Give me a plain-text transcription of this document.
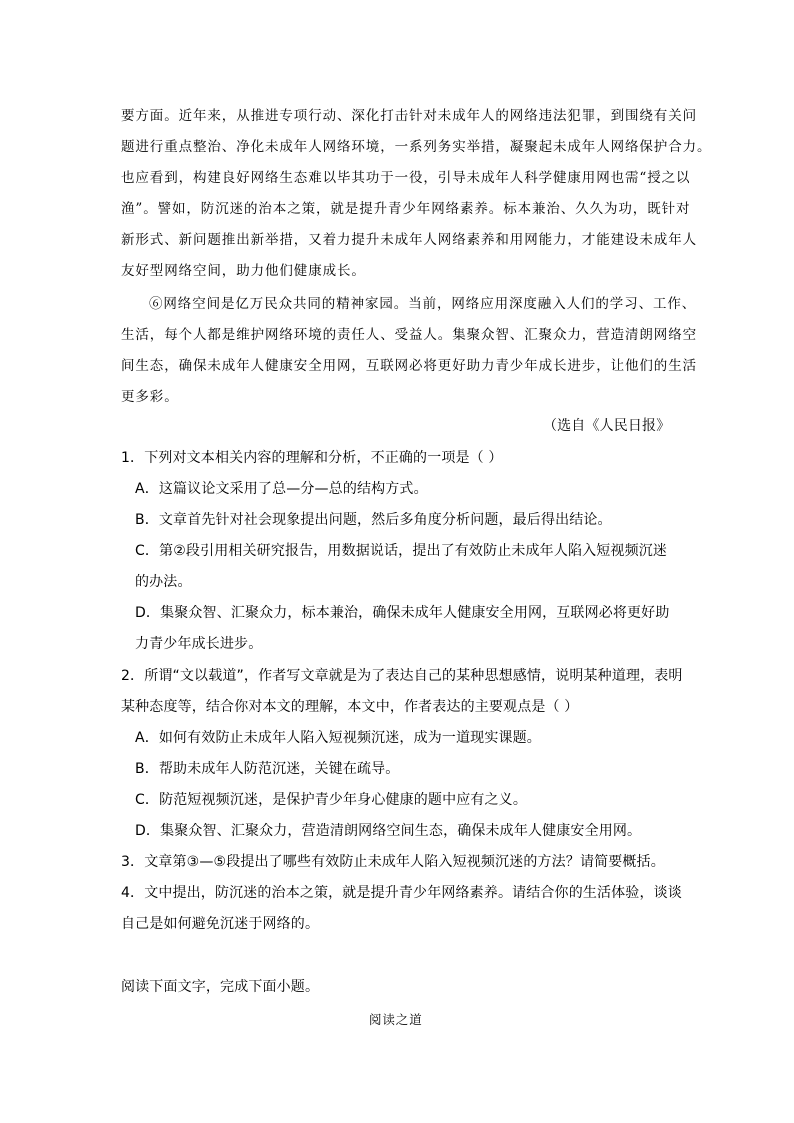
要方面。近年来，从推进专项行动、深化打击针对未成年人的网络违法犯罪，到围绕有关问
题进行重点整治、净化未成年人网络环境，一系列务实举措，凝聚起未成年人网络保护合力。
也应看到，构建良好网络生态难以毕其功于一役，引导未成年人科学健康用网也需“授之以
渔”。譬如，防沉迷的治本之策，就是提升青少年网络素养。标本兼治、久久为功，既针对
新形式、新问题推出新举措，又着力提升未成年人网络素养和用网能力，才能建设未成年人
友好型网络空间，助力他们健康成长。
⑥网络空间是亿万民众共同的精神家园。当前，网络应用深度融入人们的学习、工作、
生活，每个人都是维护网络环境的责任人、受益人。集聚众智、汇聚众力，营造清朗网络空
间生态，确保未成年人健康安全用网，互联网必将更好助力青少年成长进步，让他们的生活
更多彩。
（选自《人民日报》
1．下列对文本相关内容的理解和分析，不正确的一项是（ ）
A．这篇议论文采用了总—分—总的结构方式。
B．文章首先针对社会现象提出问题，然后多角度分析问题，最后得出结论。
C．第②段引用相关研究报告，用数据说话，提出了有效防止未成年人陷入短视频沉迷
的办法。
D．集聚众智、汇聚众力，标本兼治，确保未成年人健康安全用网，互联网必将更好助
力青少年成长进步。
2．所谓“文以载道”，作者写文章就是为了表达自己的某种思想感情，说明某种道理，表明
某种态度等，结合你对本文的理解，本文中，作者表达的主要观点是（ ）
A．如何有效防止未成年人陷入短视频沉迷，成为一道现实课题。
B．帮助未成年人防范沉迷，关键在疏导。
C．防范短视频沉迷，是保护青少年身心健康的题中应有之义。
D．集聚众智、汇聚众力，营造清朗网络空间生态，确保未成年人健康安全用网。
3．文章第③—⑤段提出了哪些有效防止未成年人陷入短视频沉迷的方法？请简要概括。
4．文中提出，防沉迷的治本之策，就是提升青少年网络素养。请结合你的生活体验，谈谈
自己是如何避免沉迷于网络的。
阅读下面文字，完成下面小题。
阅读之道
